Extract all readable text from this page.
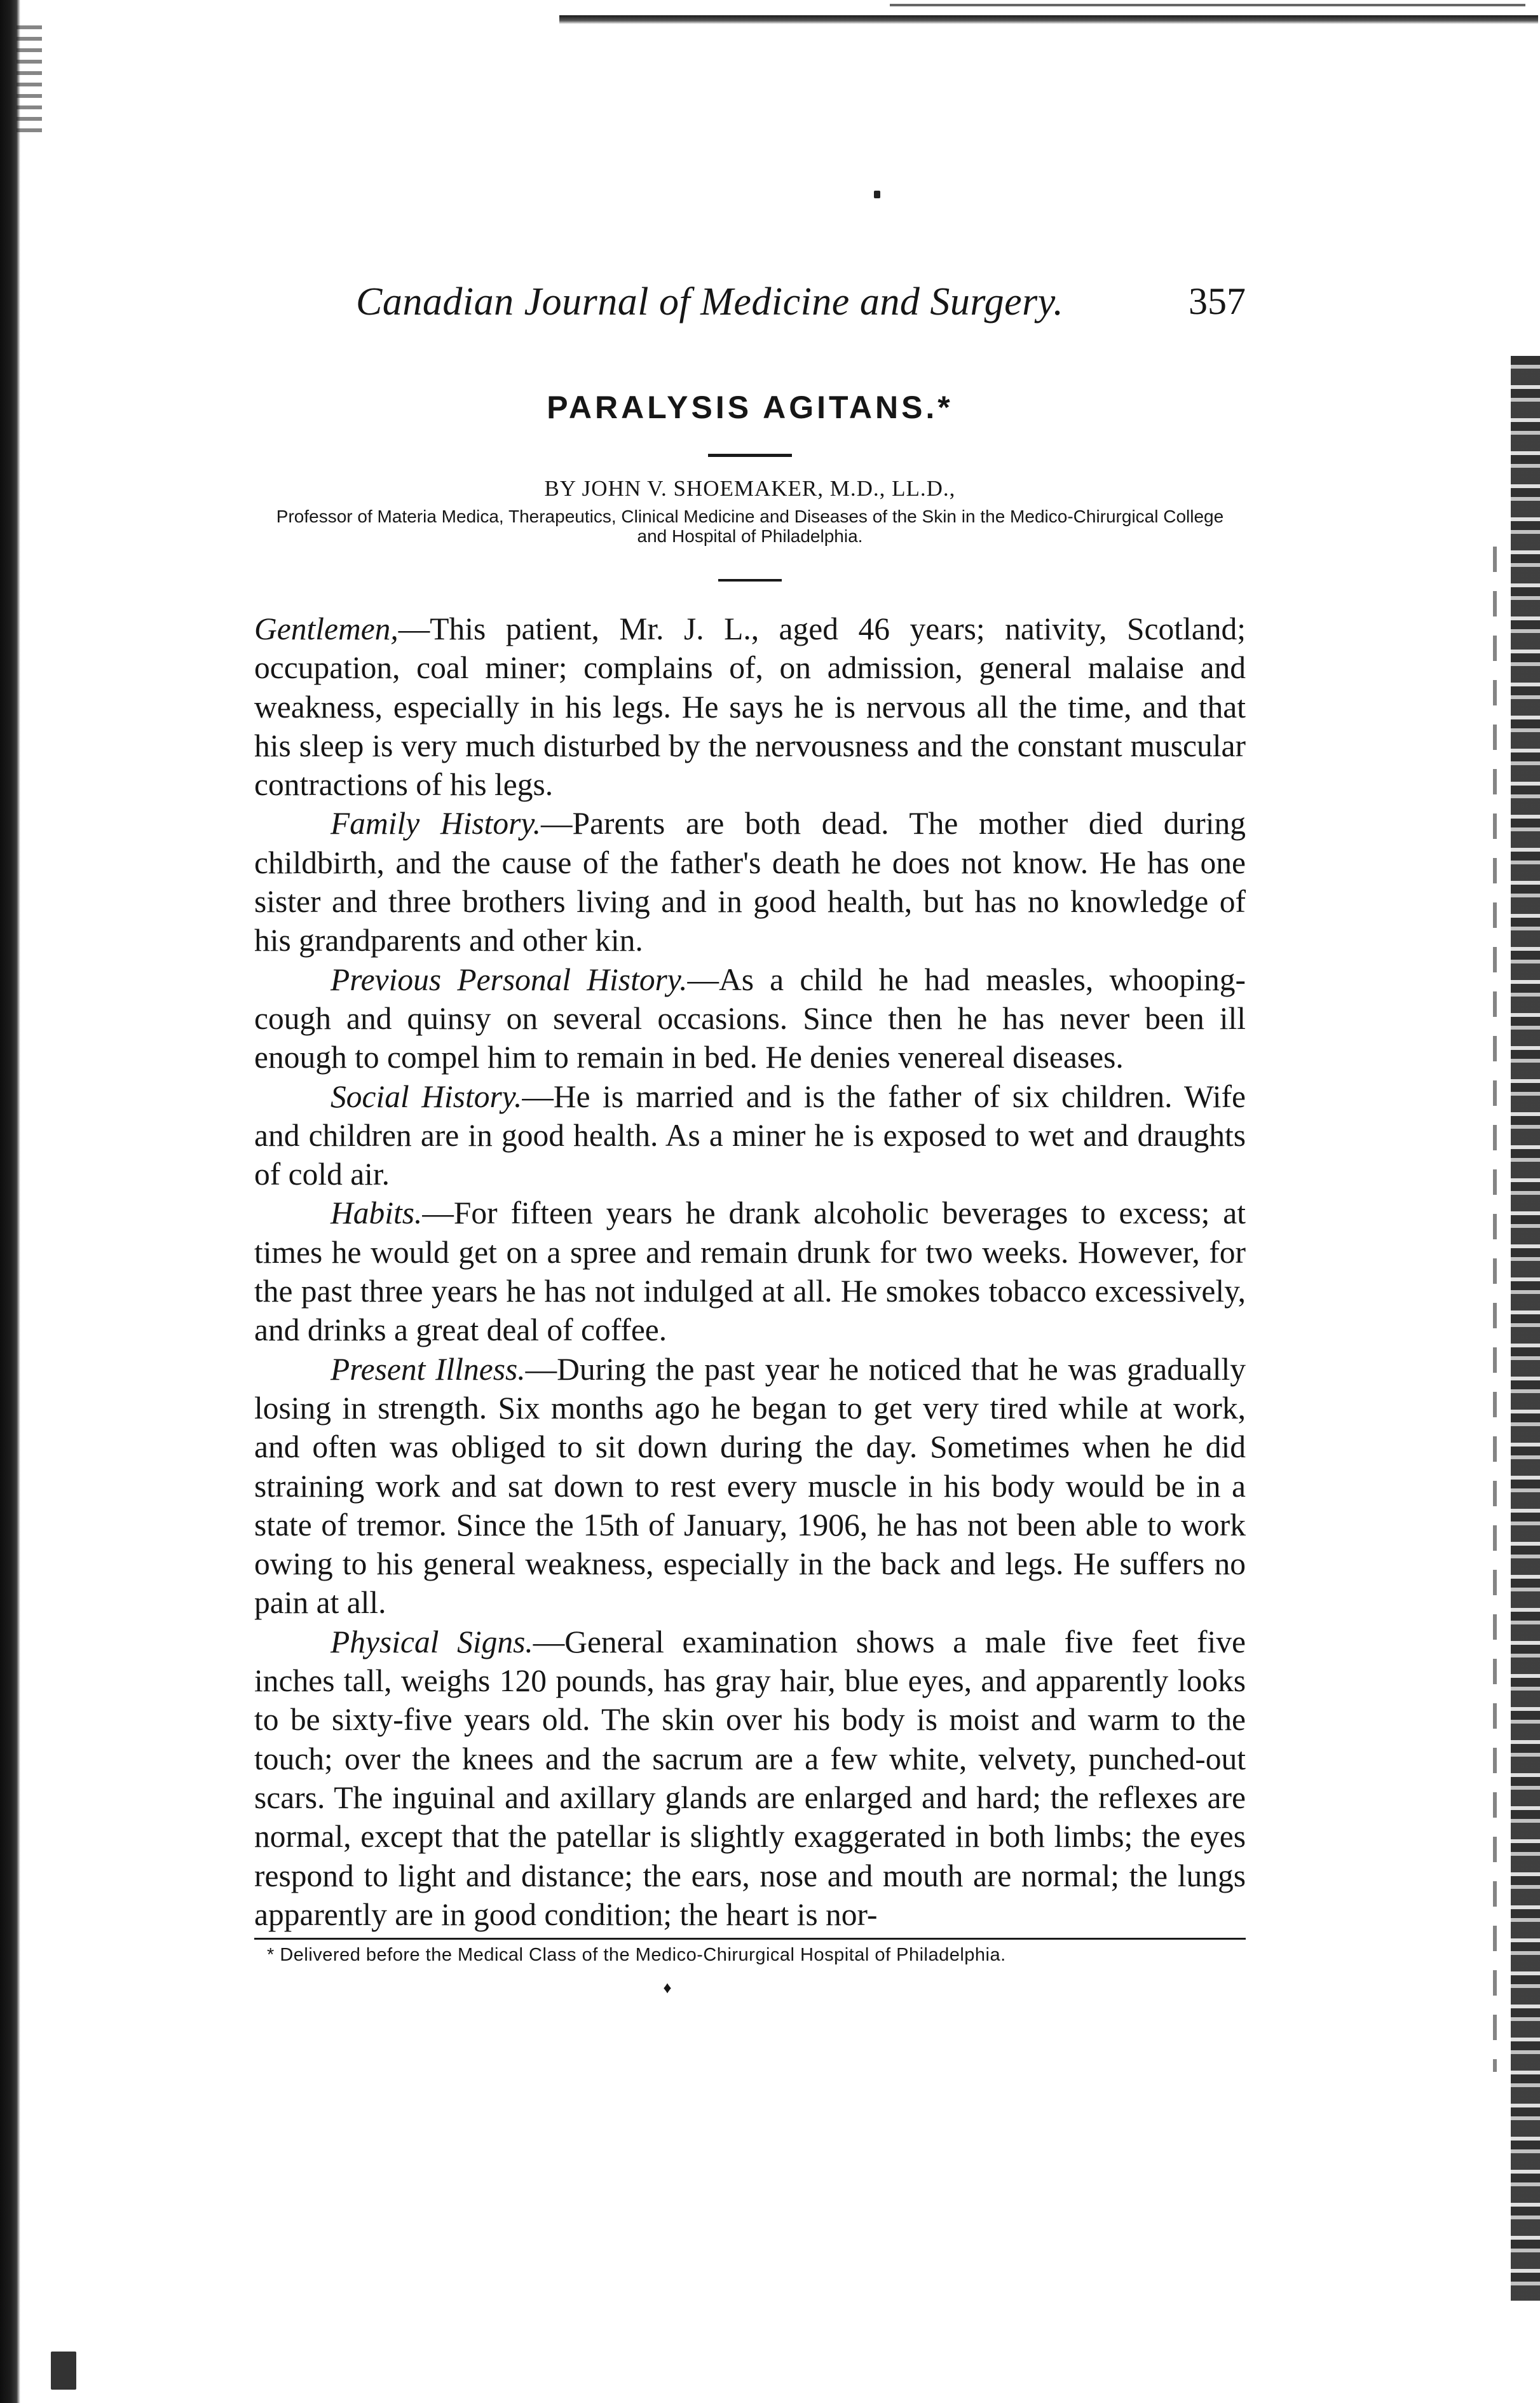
Canadian Journal of Medicine and Surgery.	357
PARALYSIS AGITANS.*
BY JOHN V. SHOEMAKER, M.D., LL.D.,
Professor of Materia Medica, Therapeutics, Clinical Medicine and Diseases of the Skin in the Medico-Chirurgical College and Hospital of Philadelphia.

Gentlemen,—This patient, Mr. J. L., aged 46 years; nativity, Scotland; occupation, coal miner; complains of, on admission, general malaise and weakness, especially in his legs. He says he is nervous all the time, and that his sleep is very much disturbed by the nervousness and the constant muscular contractions of his legs.

Family History.—Parents are both dead. The mother died during childbirth, and the cause of the father's death he does not know. He has one sister and three brothers living and in good health, but has no knowledge of his grandparents and other kin.

Previous Personal History.—As a child he had measles, whooping-cough and quinsy on several occasions. Since then he has never been ill enough to compel him to remain in bed. He denies venereal diseases.

Social History.—He is married and is the father of six children. Wife and children are in good health. As a miner he is exposed to wet and draughts of cold air.

Habits.—For fifteen years he drank alcoholic beverages to excess; at times he would get on a spree and remain drunk for two weeks. However, for the past three years he has not indulged at all. He smokes tobacco excessively, and drinks a great deal of coffee.

Present Illness.—During the past year he noticed that he was gradually losing in strength. Six months ago he began to get very tired while at work, and often was obliged to sit down during the day. Sometimes when he did straining work and sat down to rest every muscle in his body would be in a state of tremor. Since the 15th of January, 1906, he has not been able to work owing to his general weakness, especially in the back and legs. He suffers no pain at all.

Physical Signs.—General examination shows a male five feet five inches tall, weighs 120 pounds, has gray hair, blue eyes, and apparently looks to be sixty-five years old. The skin over his body is moist and warm to the touch; over the knees and the sacrum are a few white, velvety, punched-out scars. The inguinal and axillary glands are enlarged and hard; the reflexes are normal, except that the patellar is slightly exaggerated in both limbs; the eyes respond to light and distance; the ears, nose and mouth are normal; the lungs apparently are in good condition; the heart is nor-

* Delivered before the Medical Class of the Medico-Chirurgical Hospital of Philadelphia.
♦
